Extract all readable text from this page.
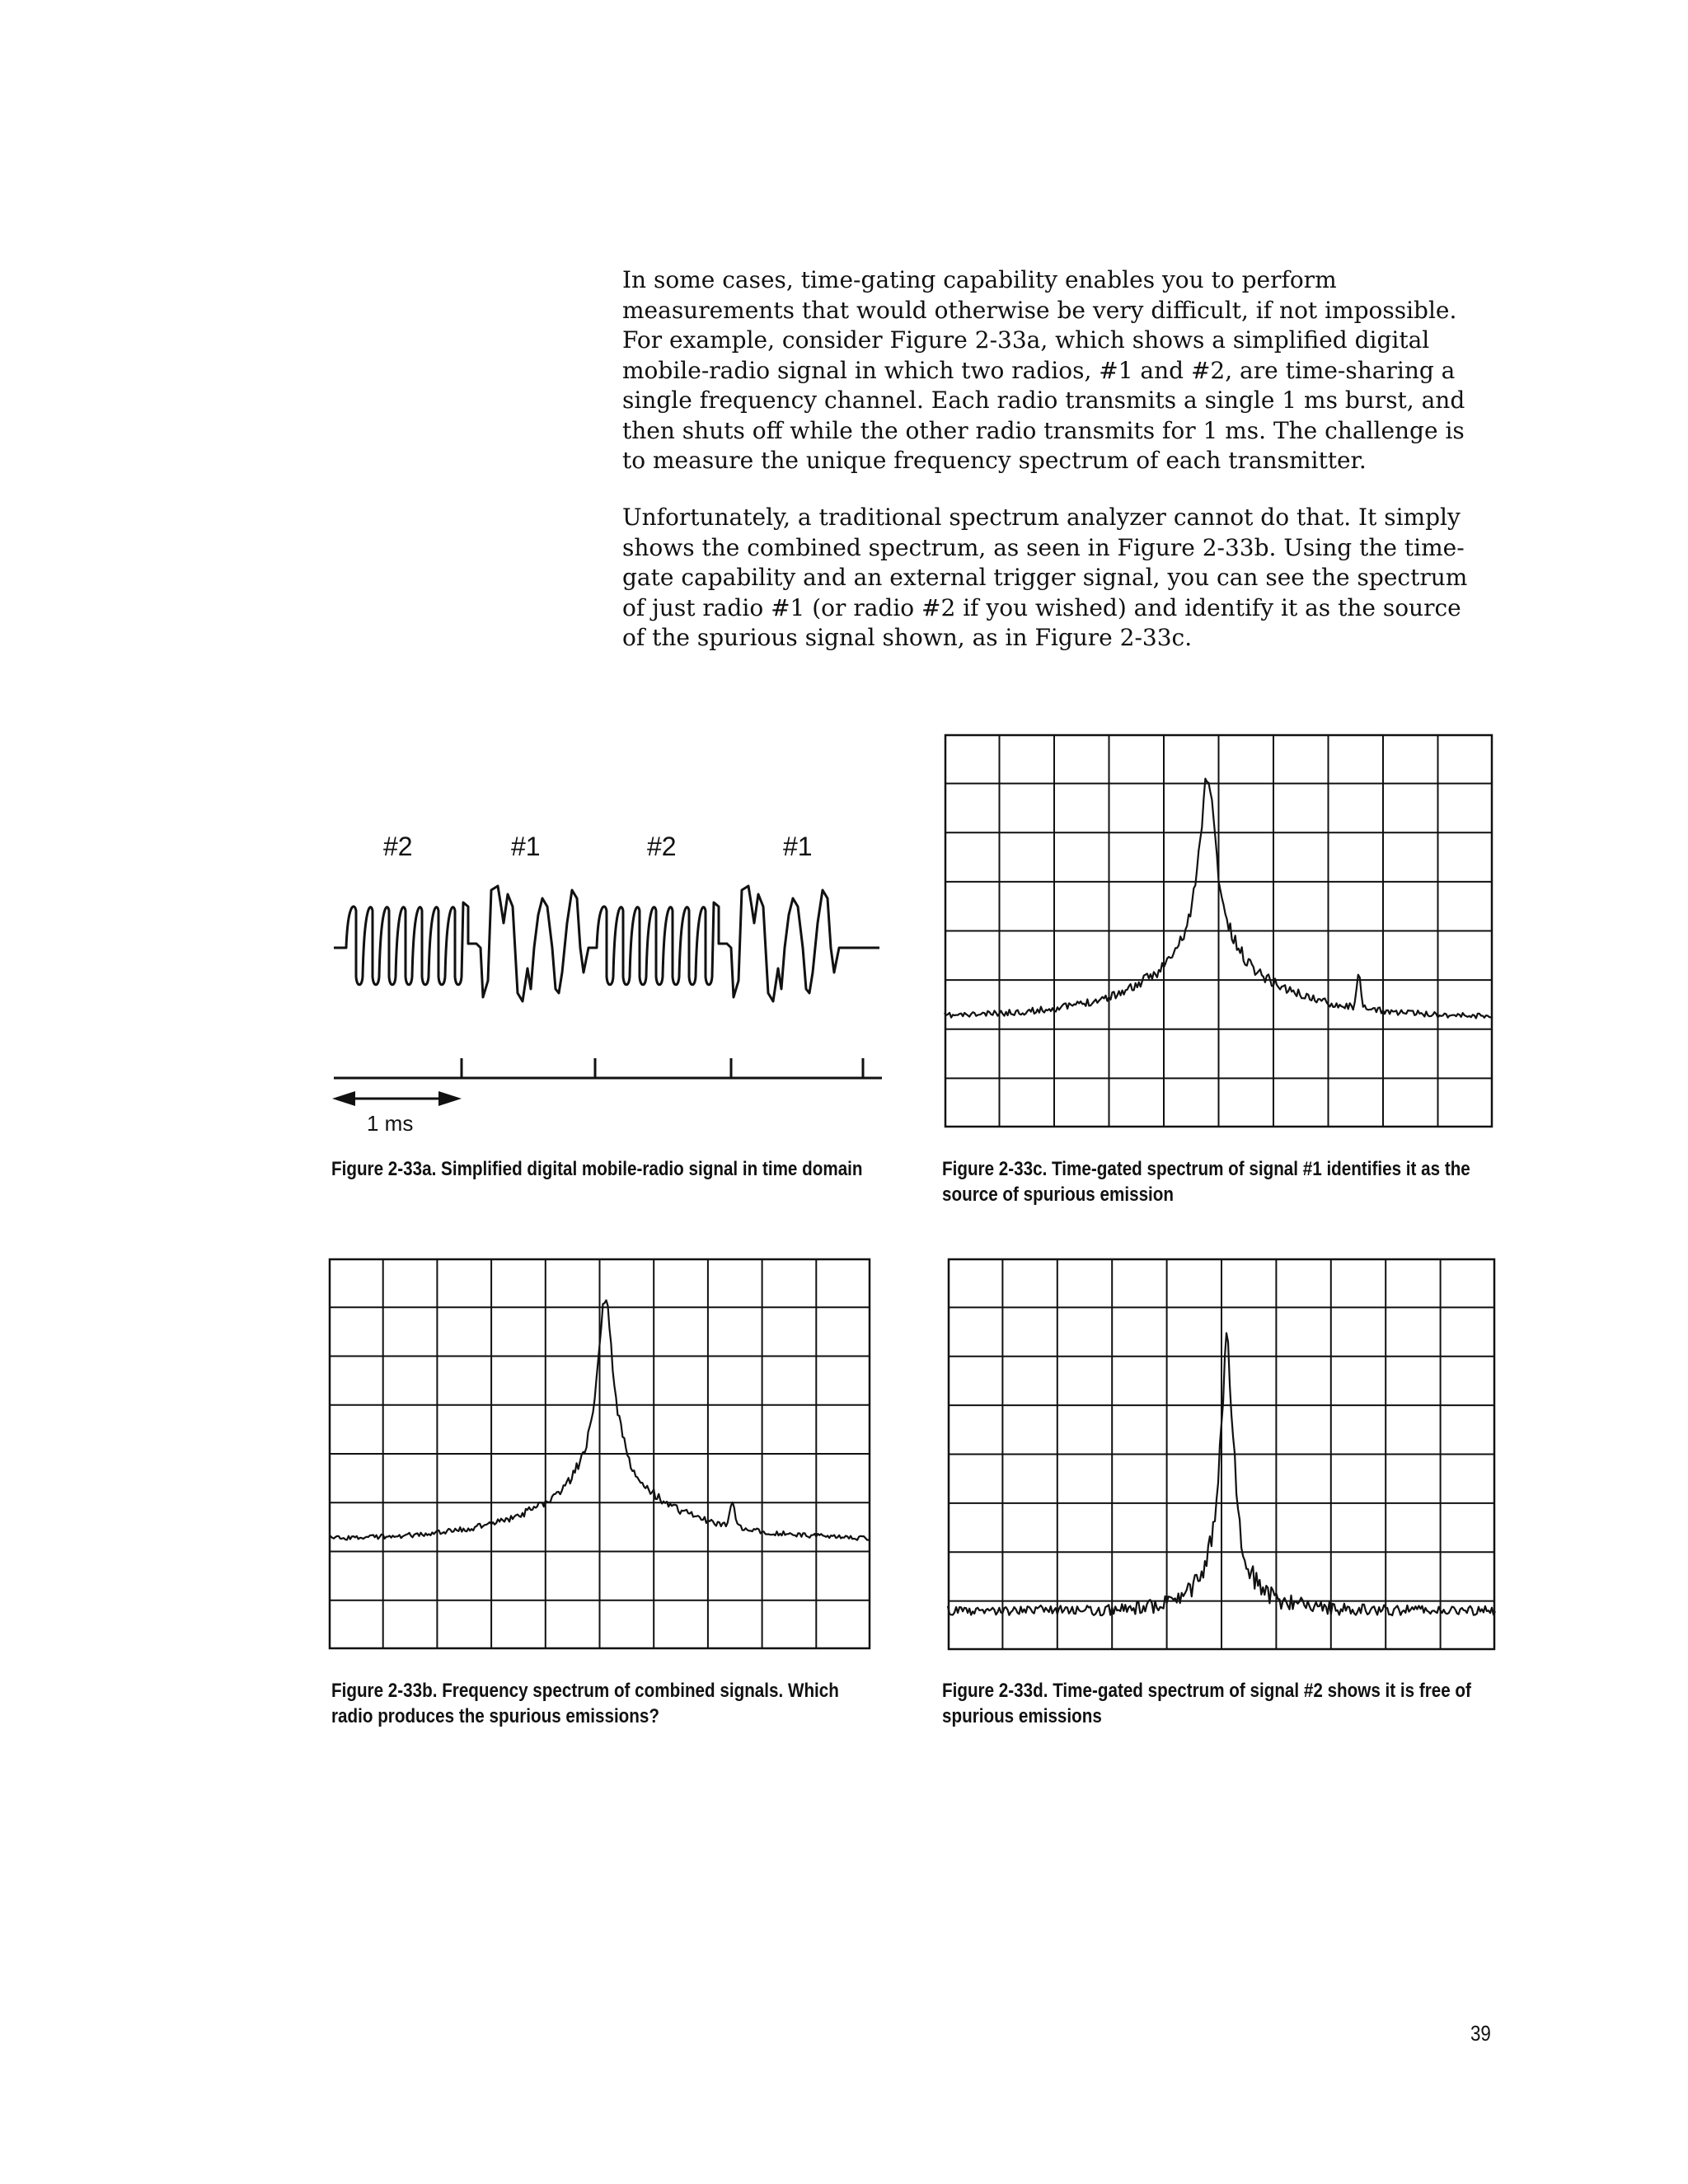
In some cases, time-gating capability enables you to perform measurements that would otherwise be very difficult, if not impossible. For example, consider Figure 2-33a, which shows a simplified digital mobile-radio signal in which two radios, #1 and #2, are time-sharing a single frequency channel. Each radio transmits a single 1 ms burst, and then shuts off while the other radio transmits for 1 ms. The challenge is to measure the unique frequency spectrum of each transmitter.

Unfortunately, a traditional spectrum analyzer cannot do that. It simply shows the combined spectrum, as seen in Figure 2-33b. Using the time-gate capability and an external trigger signal, you can see the spectrum of just radio #1 (or radio #2 if you wished) and identify it as the source of the spurious signal shown, as in Figure 2-33c.

#2	#1	#2	#1
1 ms

Figure 2-33a. Simplified digital mobile-radio signal in time domain	Figure 2-33c. Time-gated spectrum of signal #1 identifies it as the source of spurious emission

Figure 2-33b. Frequency spectrum of combined signals. Which radio produces the spurious emissions?

Figure 2-33d. Time-gated spectrum of signal #2 shows it is free of spurious emissions

39
